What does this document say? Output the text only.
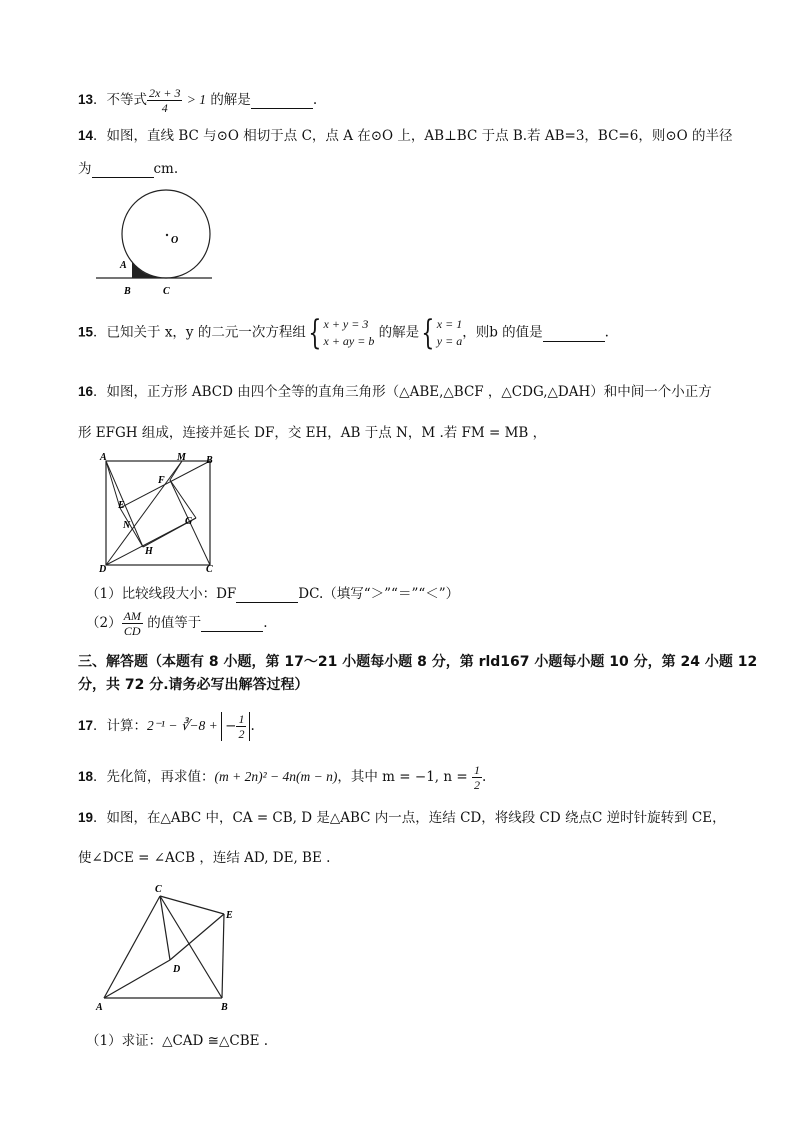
13．不等式 $\frac{2x + 3}{4} > 1$ 的解是	.
14．如图，直线 BC 与⊙O 相切于点 C，点 A 在⊙O 上，AB⊥BC 于点 B.若 AB=3，BC=6，则⊙O 的半径
为	cm.
O
A
B	C
15．已知关于 x，y 的二元一次方程组{ x + y = 3
x + ay = b
的解是{ x = 1
y = a
，则b 的值是	.
16．如图，正方形 ABCD 由四个全等的直角三角形（△ABE,△BCF ，△CDG,△DAH）和中间一个小正方
形 EFGH 组成，连接并延长 DF，交 EH，AB 于点 N，M .若 FM = MB ，
A	M B
F
E
N	G
H
D	C
（1）比较线段大小：DF	DC.（填写“＞”“＝”“＜”）
$(2) \frac{AM}{CD}$ 的值等于	.
三、解答题（本题有 8 小题，第 17～21 小题每小题 8 分，第 rld167 小题每小题 10 分，第 24 小题 12 分，共 72 分.请务必写出解答过程）
17．计算：2⁻¹ − ∛−8 + − $\frac{1}{2}$ .
18．先化简，再求值：(m + 2n)² − 4n(m − n)，其中 m = −1, $n = \frac{1}{2}$ .
19．如图，在△ABC 中，CA = CB, D 是△ABC 内一点，连结 CD，将线段 CD 绕点C 逆时针旋转到 CE，
使∠DCE = ∠ACB ，连结 AD, DE, BE .
C
E
D
A	B
（1）求证：△CAD ≅△CBE .
